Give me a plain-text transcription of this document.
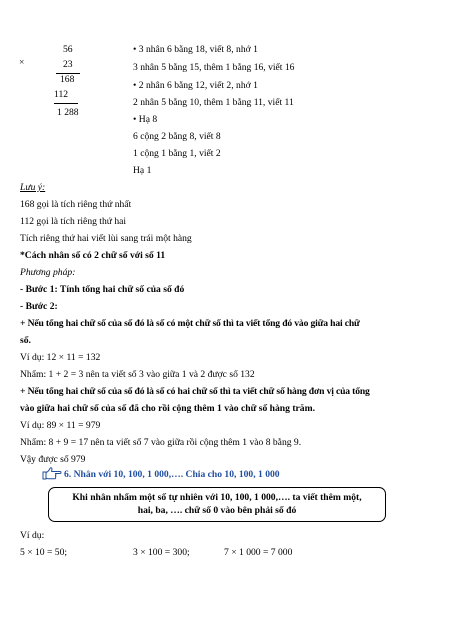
×
56
23
168
112
1 288
• 3 nhân 6 bằng 18, viết 8, nhớ 1
3 nhân 5 bằng 15, thêm 1 bằng 16, viết 16
• 2 nhân 6 bằng 12, viết 2, nhớ 1
2 nhân 5 bằng 10, thêm 1 bằng 11, viết 11
• Hạ 8
6 cộng 2 bằng 8, viết 8
1 cộng 1 bằng 1, viết 2
Hạ 1
Lưu ý:
168 gọi là tích riêng thứ nhất
112 gọi là tích riêng thứ hai
Tích riêng thứ hai viết lùi sang trái một hàng
*Cách nhân số có 2 chữ số với số 11
Phương pháp:
- Bước 1: Tính tổng hai chữ số của số đó
- Bước 2:
+ Nếu tổng hai chữ số của số đó là số có một chữ số thì ta viết tổng đó vào giữa hai chữ
số.
Ví dụ: 12 × 11 = 132
Nhẩm: 1 + 2 = 3 nên ta viết số 3 vào giữa 1 và 2 được số 132
+ Nếu tổng hai chữ số của số đó là số có hai chữ số thì ta viết chữ số hàng đơn vị của tổng
vào giữa hai chữ số của số đã cho rồi cộng thêm 1 vào chữ số hàng trăm.
Ví dụ: 89 × 11 = 979
Nhẩm: 8 + 9 = 17 nên ta viết số 7 vào giữa rồi cộng thêm 1 vào 8 bằng 9.
Vậy được số 979
6. Nhân với 10, 100, 1 000,…. Chia cho 10, 100, 1 000
Khi nhân nhẩm một số tự nhiên với 10, 100, 1 000,…. ta viết thêm một,
hai, ba, …. chữ số 0 vào bên phải số đó
Ví dụ:
5 × 10 = 50;	3 × 100 = 300;	7 × 1 000 = 7 000
